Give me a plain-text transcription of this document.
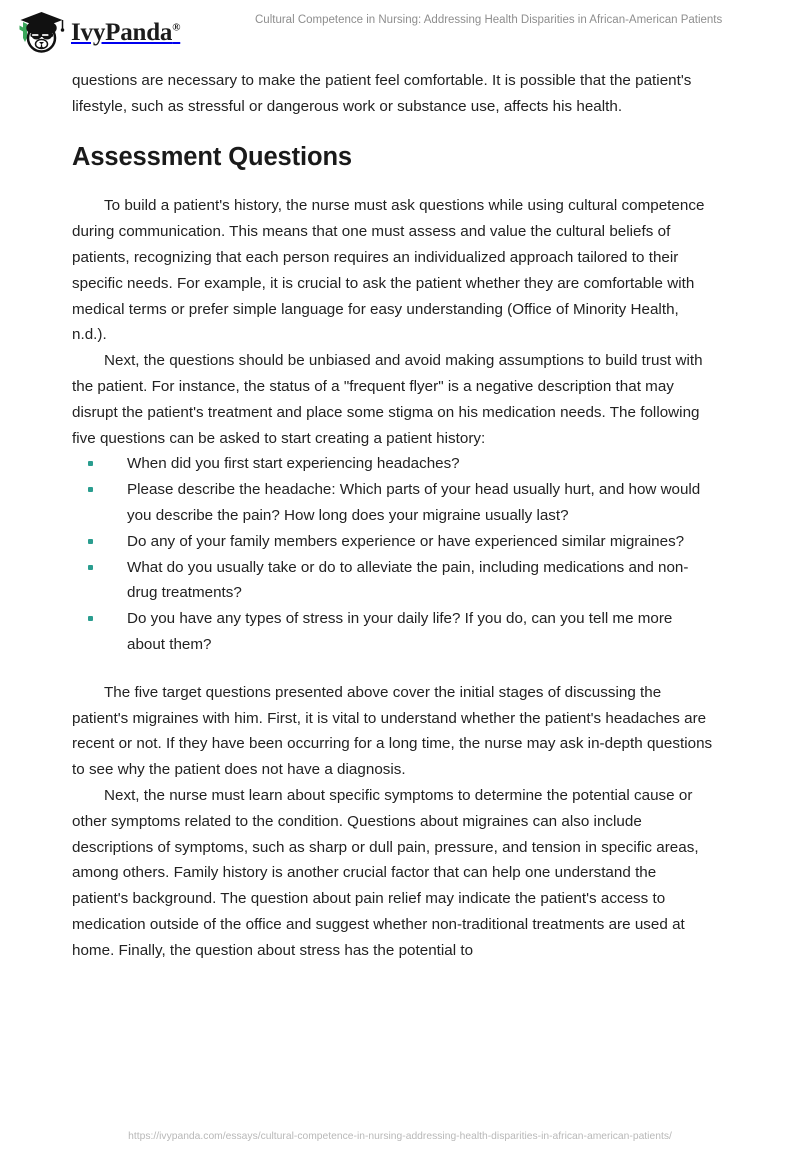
IvyPanda®
Cultural Competence in Nursing: Addressing Health Disparities in African-American Patients

questions are necessary to make the patient feel comfortable. It is possible that the patient's lifestyle, such as stressful or dangerous work or substance use, affects his health.

Assessment Questions

To build a patient's history, the nurse must ask questions while using cultural competence during communication. This means that one must assess and value the cultural beliefs of patients, recognizing that each person requires an individualized approach tailored to their specific needs. For example, it is crucial to ask the patient whether they are comfortable with medical terms or prefer simple language for easy understanding (Office of Minority Health, n.d.).

Next, the questions should be unbiased and avoid making assumptions to build trust with the patient. For instance, the status of a "frequent flyer" is a negative description that may disrupt the patient's treatment and place some stigma on his medication needs. The following five questions can be asked to start creating a patient history:

When did you first start experiencing headaches?
Please describe the headache: Which parts of your head usually hurt, and how would you describe the pain? How long does your migraine usually last?
Do any of your family members experience or have experienced similar migraines?
What do you usually take or do to alleviate the pain, including medications and non-drug treatments?
Do you have any types of stress in your daily life? If you do, can you tell me more about them?

The five target questions presented above cover the initial stages of discussing the patient's migraines with him. First, it is vital to understand whether the patient's headaches are recent or not. If they have been occurring for a long time, the nurse may ask in-depth questions to see why the patient does not have a diagnosis.

Next, the nurse must learn about specific symptoms to determine the potential cause or other symptoms related to the condition. Questions about migraines can also include descriptions of symptoms, such as sharp or dull pain, pressure, and tension in specific areas, among others. Family history is another crucial factor that can help one understand the patient's background. The question about pain relief may indicate the patient's access to medication outside of the office and suggest whether non-traditional treatments are used at home. Finally, the question about stress has the potential to

https://ivypanda.com/essays/cultural-competence-in-nursing-addressing-health-disparities-in-african-american-patients/
